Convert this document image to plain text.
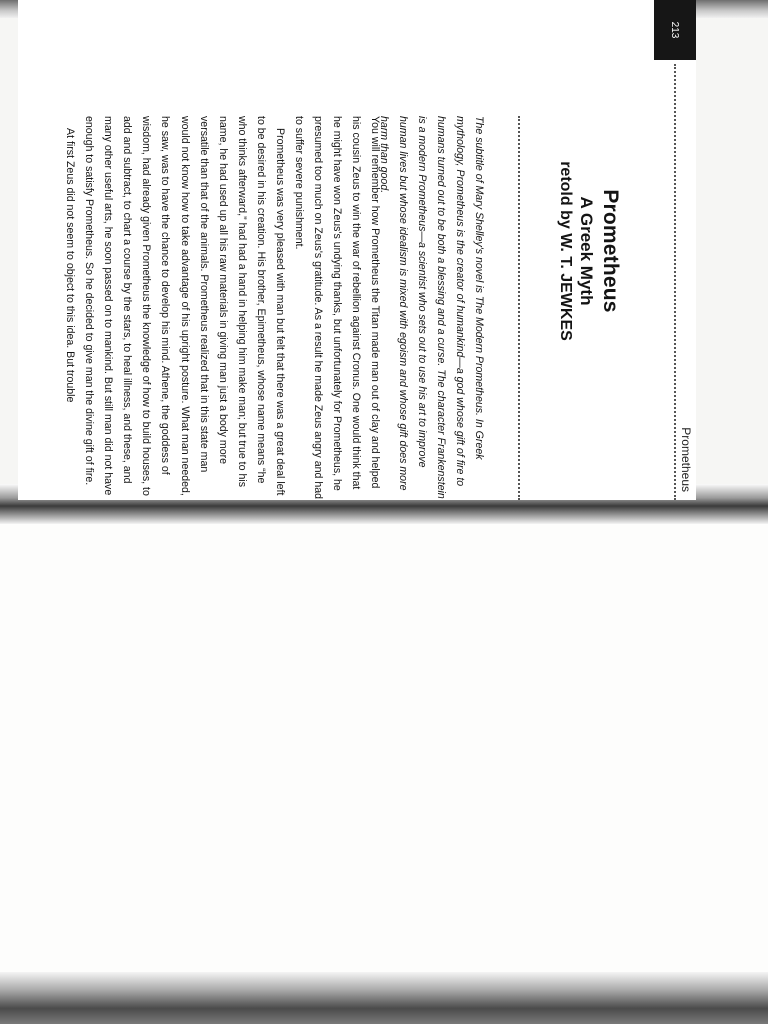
213
Prometheus
Prometheus
A Greek Myth
retold by W. T. JEWKES

The subtitle of Mary Shelley's novel is The Modern Prometheus. In Greek mythology, Prometheus is the creator of humankind—a god whose gift of fire to humans turned out to be both a blessing and a curse. The character Frankenstein is a modern Prometheus—a scientist who sets out to use his art to improve human lives but whose idealism is mixed with egoism and whose gift does more harm than good.

You will remember how Prometheus the Titan made man out of clay and helped his cousin Zeus to win the war of rebellion against Cronus. One would think that he might have won Zeus's undying thanks, but unfortunately for Prometheus, he presumed too much on Zeus's gratitude. As a result he made Zeus angry and had to suffer severe punishment.

Prometheus was very pleased with man but felt that there was a great deal left to be desired in his creation. His brother, Epimetheus, whose name means “he who thinks afterward,” had had a hand in helping him make man; but true to his name, he had used up all his raw materials in giving man just a body more versatile than that of the animals. Prometheus realized that in this state man would not know how to take advantage of his upright posture. What man needed, he saw, was to have the chance to develop his mind. Athene, the goddess of wisdom, had already given Prometheus the knowledge of how to build houses, to add and subtract, to chart a course by the stars, to heal illness, and these, and many other useful arts, he soon passed on to mankind. But still man did not have enough to satisfy Prometheus. So he decided to give man the divine gift of fire.

At first Zeus did not seem to object to this idea. But trouble
